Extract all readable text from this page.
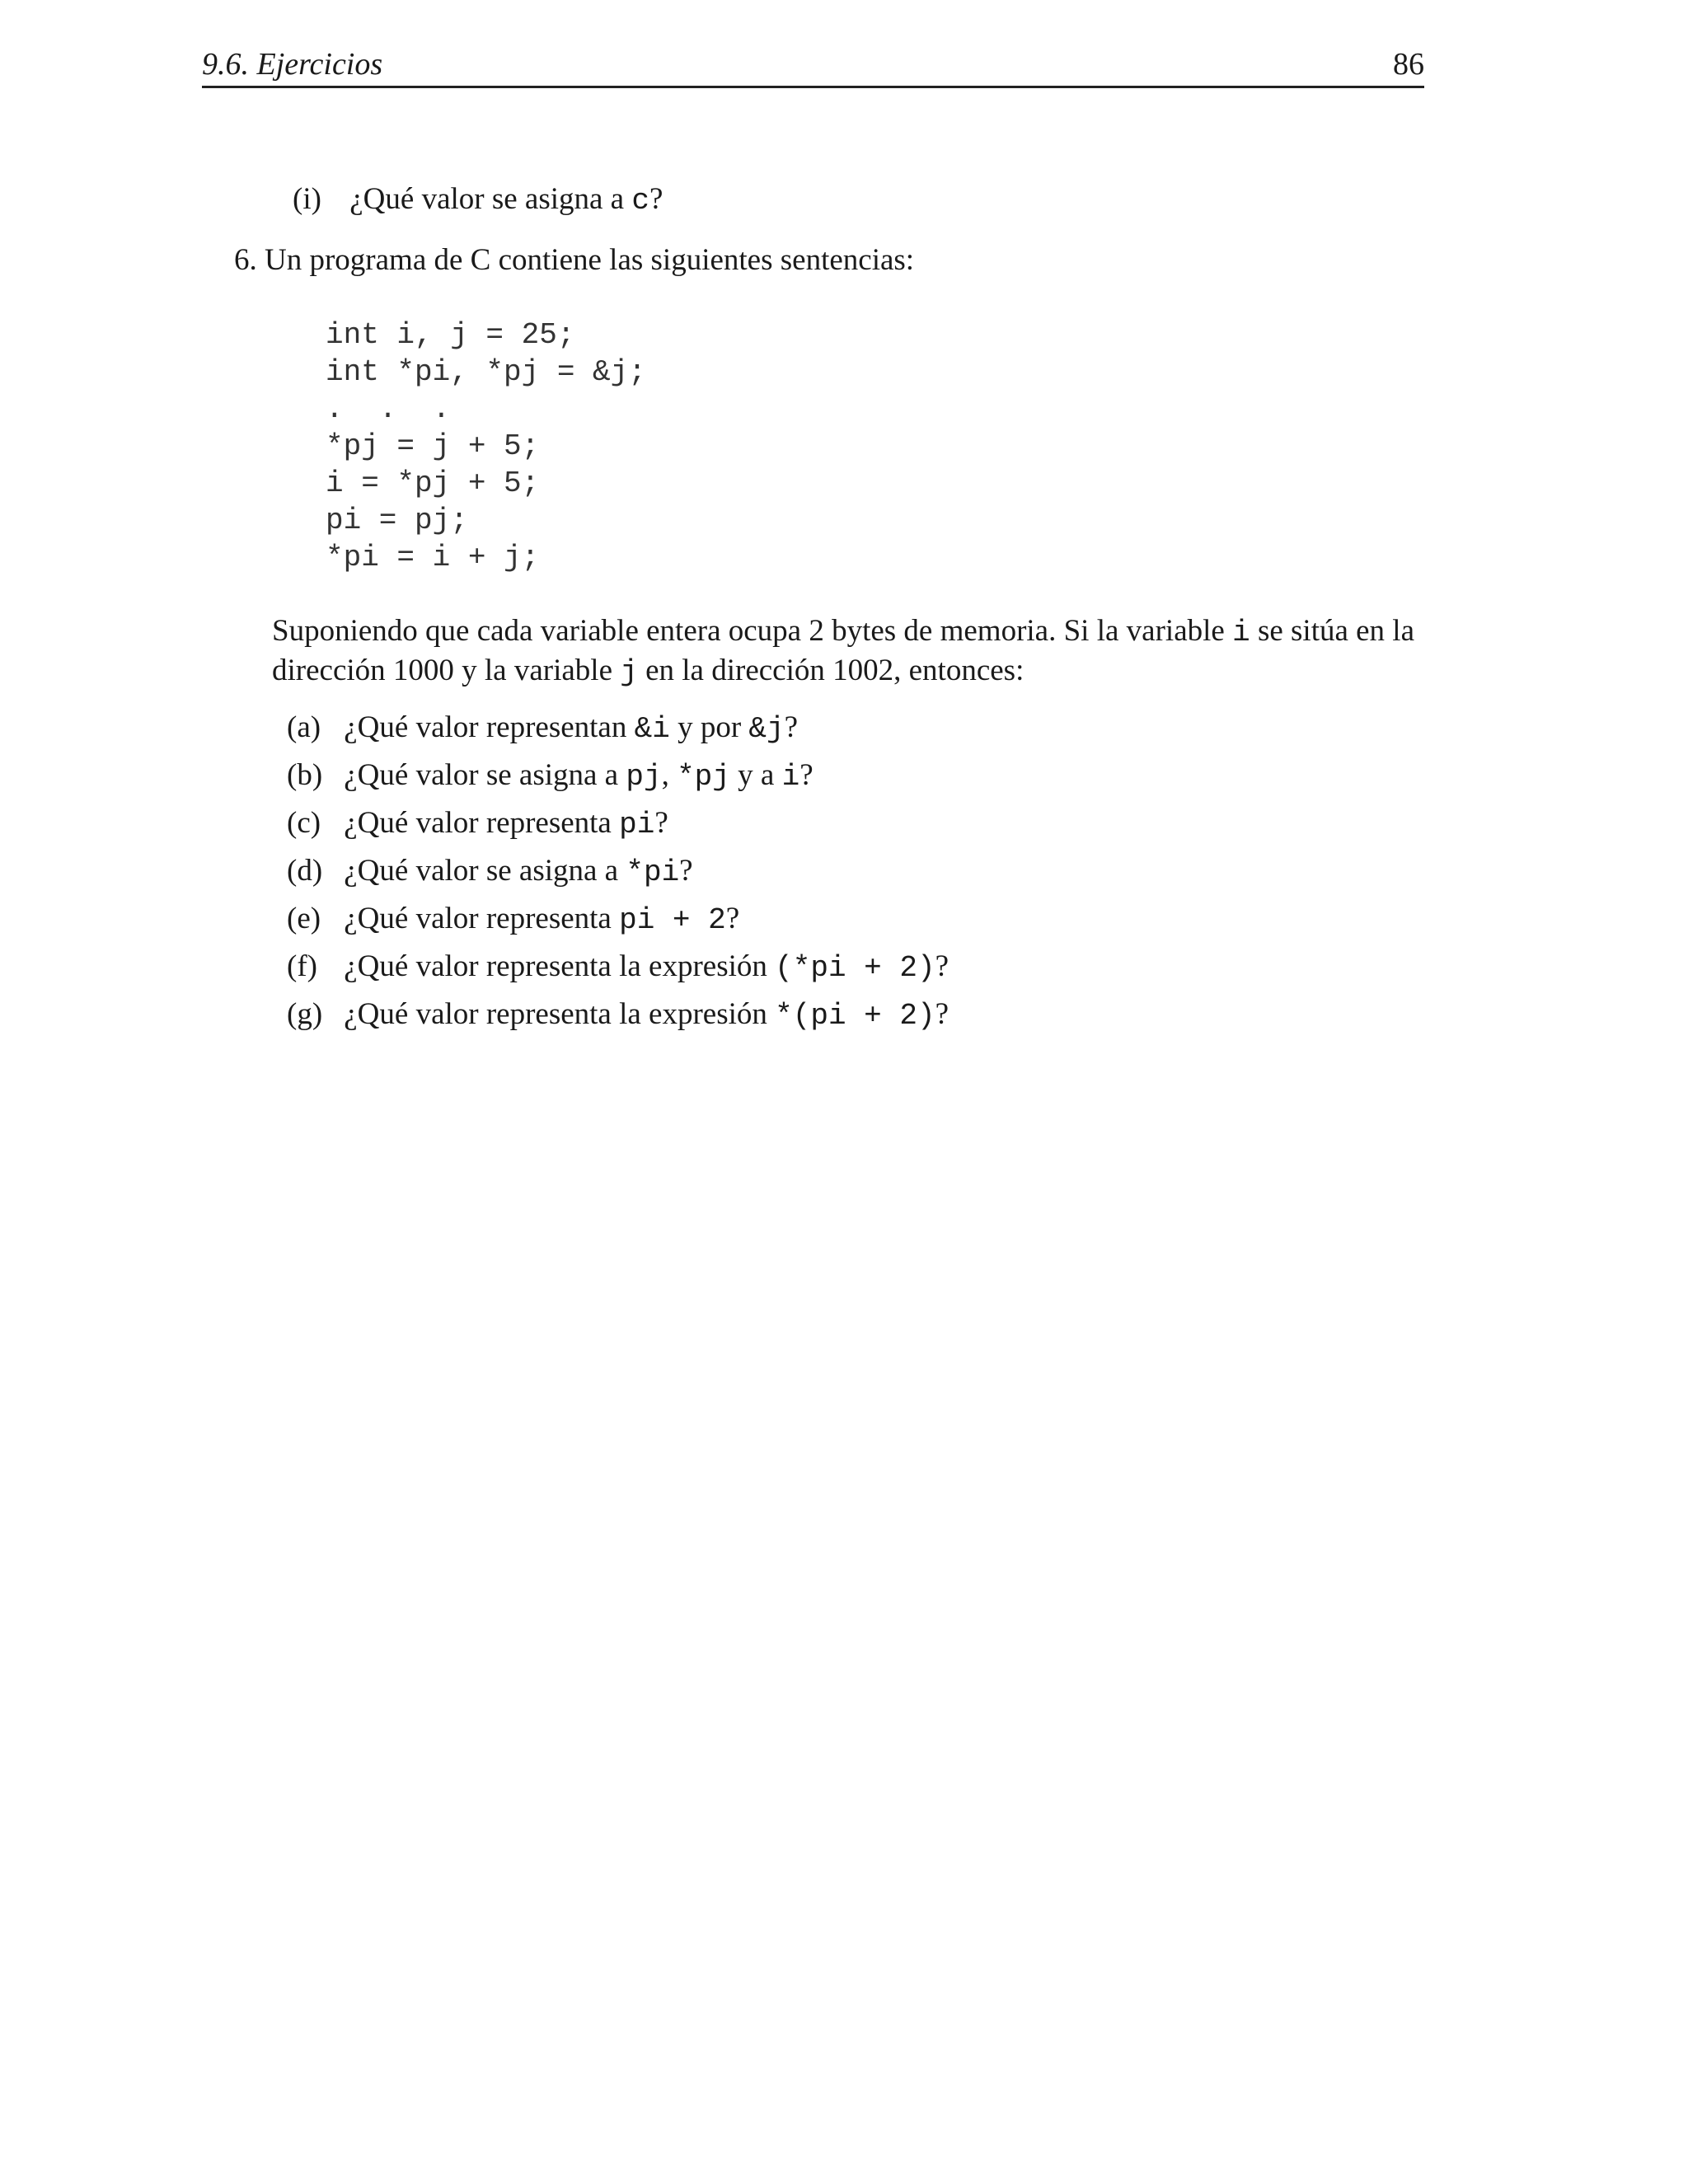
9.6. Ejercicios	86
(i) ¿Qué valor se asigna a c?
6. Un programa de C contiene las siguientes sentencias:
int i, j = 25;
int *pi, *pj = &j;
.  .  .
*pj = j + 5;
i = *pj + 5;
pi = pj;
*pi = i + j;
Suponiendo que cada variable entera ocupa 2 bytes de memoria. Si la variable i se sitúa en la
dirección 1000 y la variable j en la dirección 1002, entonces:
(a) ¿Qué valor representan &i y por &j?
(b) ¿Qué valor se asigna a pj, *pj y a i?
(c) ¿Qué valor representa pi?
(d) ¿Qué valor se asigna a *pi?
(e) ¿Qué valor representa pi + 2?
(f) ¿Qué valor representa la expresión (*pi + 2)?
(g) ¿Qué valor representa la expresión *(pi + 2)?
